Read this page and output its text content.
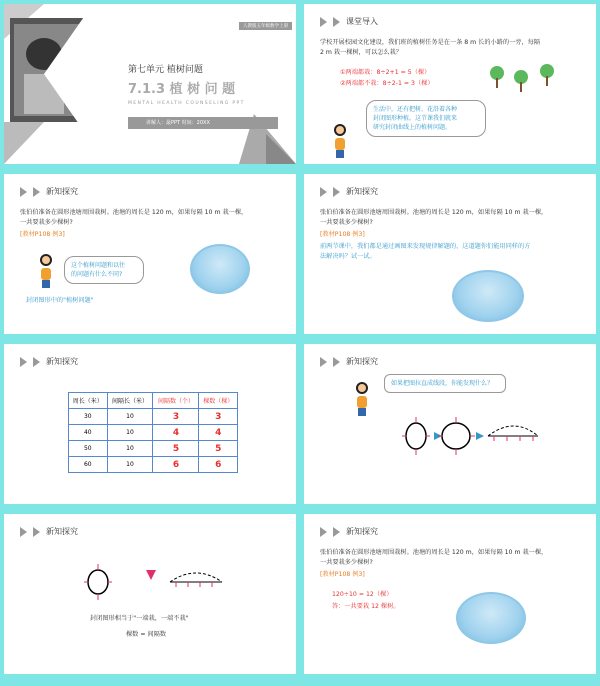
人教版五年级数学上册
第七单元 植树问题
7.1.3 植 树 问 题
MENTAL HEALTH COUNSELING PPT
讲解人：最PPT 时间：20XX
课堂导入
学校开展校园文化建设，我们班的植树任务是在一条 8 m 长的小路的一旁，每隔
2 m 栽一棵树，可以怎么栽？
①两端都栽：8÷2+1 = 5（棵）
②两端都不栽：8÷2-1 = 3（棵）
生活中，还有把树、花沿着各种
封闭图形种植。这节课我们就来
研究封闭曲线上的植树问题。
新知探究
张伯伯准备在圆形池塘周围栽树。池塘的周长是 120 m，如果每隔 10 m 栽一棵，
一共要栽多少棵树?
[教材P108 例3]
这个植树问题和以往
的问题有什么不同?
封闭图形中的"植树问题"
新知探究
张伯伯准备在圆形池塘周围栽树。池塘的周长是 120 m，如果每隔 10 m 栽一棵，
一共要栽多少棵树?
[教材P108 例3]
前两节课中，我们都是通过画图来发现规律解题的，这道题你们能用同样的方
法解决吗？试一试。
新知探究
周长（米）	间隔长（米）	间隔数（个）	棵数（棵）
30	10	3	3
40	10	4	4
50	10	5	5
60	10	6	6
新知探究
如果把图拉直成线段，你能发现什么？
新知探究
封闭图形相当于"一端栽，一端不栽"
棵数 = 间隔数
新知探究
张伯伯准备在圆形池塘周围栽树。池塘的周长是 120 m，如果每隔 10 m 栽一棵，
一共要栽多少棵树?
[教材P108 例3]
120÷10 = 12（棵）
答：一共要栽 12 棵树。
